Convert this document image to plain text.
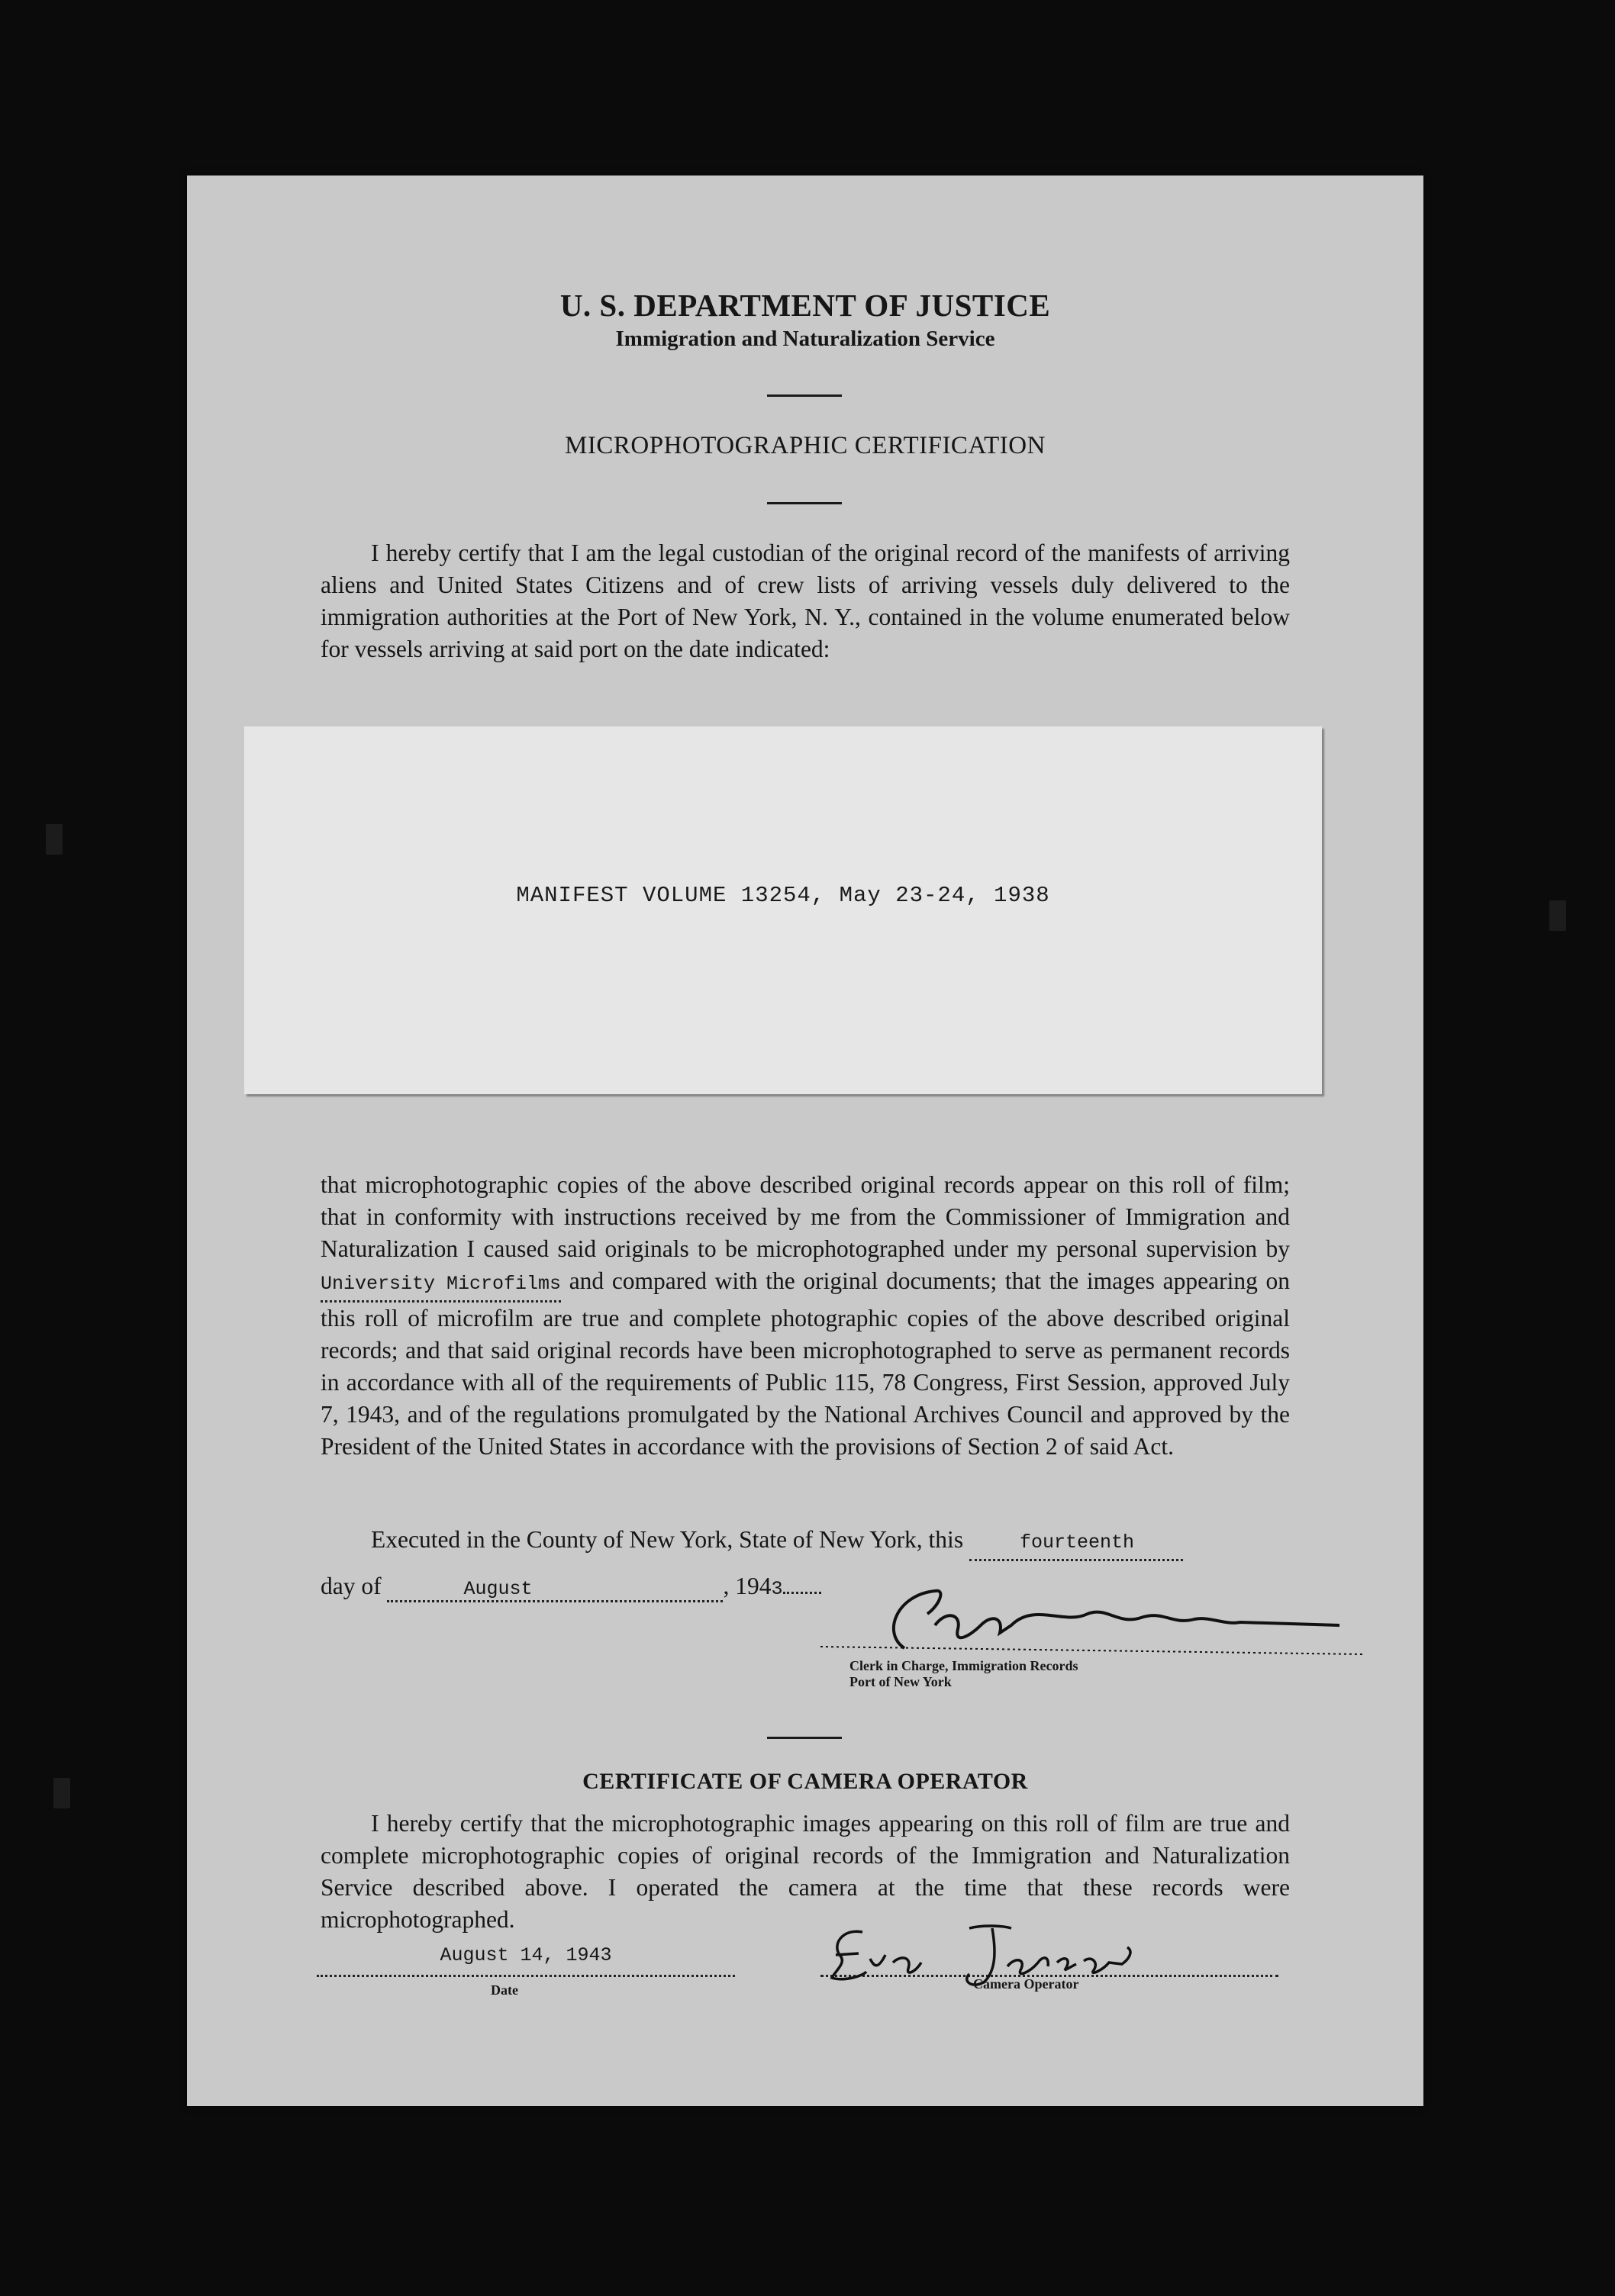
U. S. DEPARTMENT OF JUSTICE
Immigration and Naturalization Service
MICROPHOTOGRAPHIC CERTIFICATION

I hereby certify that I am the legal custodian of the original record of the manifests of arriving aliens and United States Citizens and of crew lists of arriving vessels duly delivered to the immigration authorities at the Port of New York, N. Y., contained in the volume enumerated below for vessels arriving at said port on the date indicated:

MANIFEST VOLUME 13254, May 23-24, 1938

that microphotographic copies of the above described original records appear on this roll of film; that in conformity with instructions received by me from the Commissioner of Immigration and Naturalization I caused said originals to be microphotographed under my personal supervision by University Microfilms and compared with the original documents; that the images appearing on this roll of microfilm are true and complete photographic copies of the above described original records; and that said original records have been microphotographed to serve as permanent records in accordance with all of the requirements of Public 115, 78 Congress, First Session, approved July 7, 1943, and of the regulations promulgated by the National Archives Council and approved by the President of the United States in accordance with the provisions of Section 2 of said Act.

Executed in the County of New York, State of New York, this	fourteenth

day of	August	, 1943
Clerk in Charge, Immigration Records
Port of New York
CERTIFICATE OF CAMERA OPERATOR

I hereby certify that the microphotographic images appearing on this roll of film are true and complete microphotographic copies of original records of the Immigration and Naturalization Service described above. I operated the camera at the time that these records were microphotographed.

August 14, 1943
Date	Camera Operator
